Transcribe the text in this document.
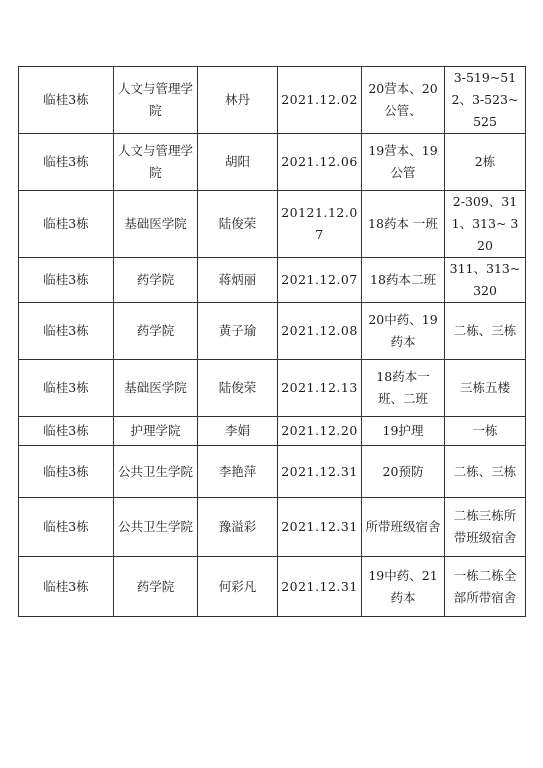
临桂3栋	人文与管理学院	林丹	2021.12.02	20营本、20公管、	3-519~512、3-523~525
临桂3栋	人文与管理学院	胡阳	2021.12.06	19营本、19公管	2栋
临桂3栋	基础医学院	陆俊荣	20121.12.07	18药本 一班	2-309、311、313~ 320
临桂3栋	药学院	蒋炳丽	2021.12.07	18药本二班	311、313~320
临桂3栋	药学院	黄子瑜	2021.12.08	20中药、19药本	二栋、三栋
临桂3栋	基础医学院	陆俊荣	2021.12.13	18药本一班、二班	三栋五楼
临桂3栋	护理学院	李娟	2021.12.20	19护理	一栋
临桂3栋	公共卫生学院	李艳萍	2021.12.31	20预防	二栋、三栋
临桂3栋	公共卫生学院	豫溢彩	2021.12.31	所带班级宿舍	二栋三栋所带班级宿舍
临桂3栋	药学院	何彩凡	2021.12.31	19中药、21药本	一栋二栋全部所带宿舍
